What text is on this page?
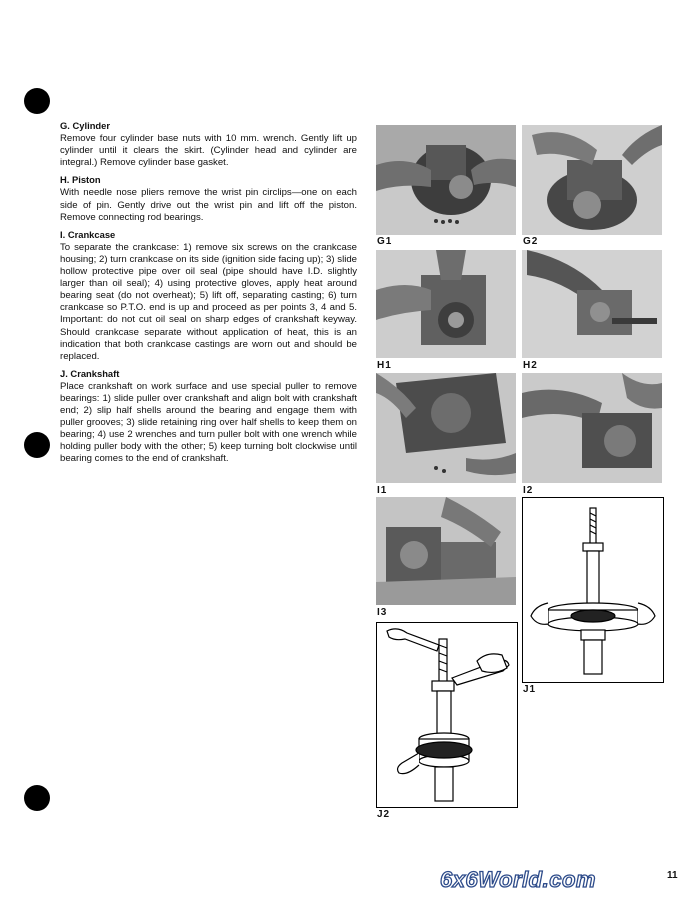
G. Cylinder

Remove four cylinder base nuts with 10 mm. wrench. Gently lift up cylinder until it clears the skirt. (Cylinder head and cylinder are integral.) Remove cylinder base gasket.

H. Piston

With needle nose pliers remove the wrist pin circlips—one on each side of pin. Gently drive out the wrist pin and lift off the piston. Remove connecting rod bearings.

I. Crankcase

To separate the crankcase: 1) remove six screws on the crankcase housing; 2) turn crankcase on its side (ignition side facing up); 3) slide hollow protective pipe over oil seal (pipe should have I.D. slightly larger than oil seal); 4) using protective gloves, apply heat around bearing seat (do not overheat); 5) lift off, separating casting; 6) turn crankcase so P.T.O. end is up and proceed as per points 3, 4 and 5. Important: do not cut oil seal on sharp edges of crankshaft keyway. Should crankcase separate without application of heat, this is an indication that both crankcase castings are worn out and should be replaced.

J. Crankshaft

Place crankshaft on work surface and use special puller to remove bearings: 1) slide puller over crankshaft and align bolt with crankshaft end; 2) slip half shells around the bearing and engage them with puller grooves; 3) slide retaining ring over half shells to keep them on bearing; 4) use 2 wrenches and turn puller bolt with one wrench while holding puller body with the other; 5) keep turning bolt clockwise until bearing comes to the end of crankshaft.

G1	G2
H1	H2
I1	I2
I3
J1
J2
6x6World.com	11
